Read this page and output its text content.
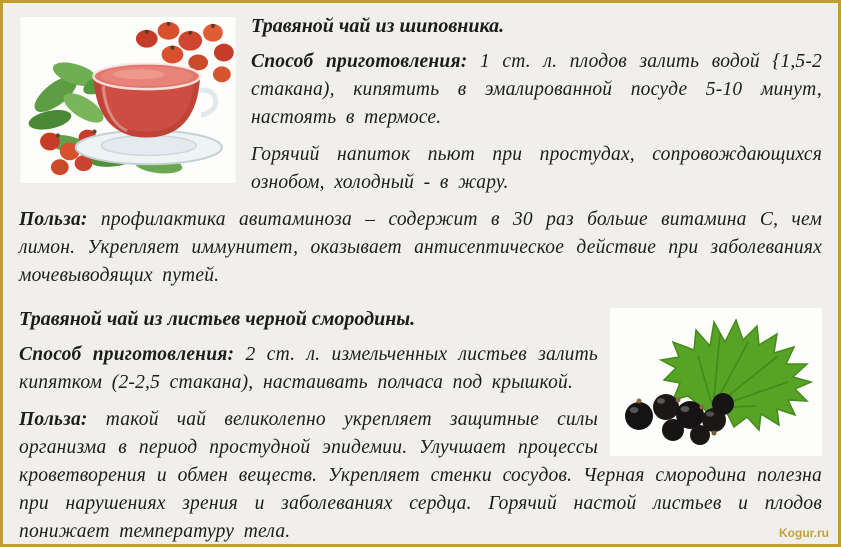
Травяной чай из шиповника.

Способ приготовления: 1 ст. л. плодов залить водой {1,5-2 стакана), кипятить в эмалированной посуде 5-10 минут, настоять в термосе.

Горячий напиток пьют при простудах, сопровождающихся ознобом, холодный - в жару.

Польза: профилактика авитаминоза – содержит в 30 раз больше витамина С, чем лимон. Укрепляет иммунитет, оказывает антисептическое действие при заболеваниях мочевыводящих путей.

Травяной чай из листьев черной смородины.

Способ приготовления: 2 ст. л. измельченных листьев залить кипятком (2-2,5 стакана), настаивать полчаса под крышкой.

Польза: такой чай великолепно укрепляет защитные силы организма в период простудной эпидемии. Улучшает процессы кроветворения и обмен веществ. Укрепляет стенки сосудов. Черная смородина полезна при нарушениях зрения и заболеваниях сердца. Горячий настой листьев и плодов понижает температуру тела.	Kogur.ru
